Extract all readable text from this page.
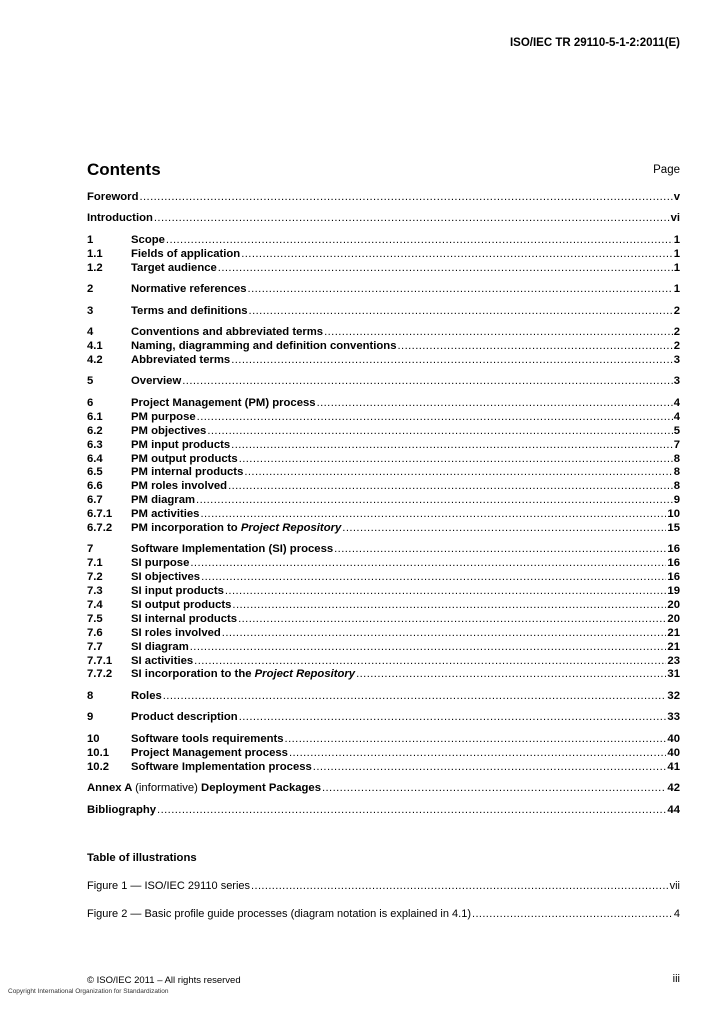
ISO/IEC TR 29110-5-1-2:2011(E)
Contents	Page
Foreword .....	v
Introduction .....	vi
1	Scope .....	1
1.1	Fields of application .....	1
1.2	Target audience .....	1
2	Normative references .....	1
3	Terms and definitions .....	2
4	Conventions and abbreviated terms .....	2
4.1	Naming, diagramming and definition conventions .....	2
4.2	Abbreviated terms .....	3
5	Overview .....	3
6	Project Management (PM) process .....	4
6.1	PM purpose .....	4
6.2	PM objectives .....	5
6.3	PM input products .....	7
6.4	PM output products .....	8
6.5	PM internal products .....	8
6.6	PM roles involved .....	8
6.7	PM diagram .....	9
6.7.1	PM activities .....	10
6.7.2	PM incorporation to Project Repository .....	15
7	Software Implementation (SI) process .....	16
7.1	SI purpose .....	16
7.2	SI objectives .....	16
7.3	SI input products .....	19
7.4	SI output products .....	20
7.5	SI internal products .....	20
7.6	SI roles involved .....	21
7.7	SI diagram .....	21
7.7.1	SI activities .....	23
7.7.2	SI incorporation to the Project Repository .....	31
8	Roles .....	32
9	Product description .....	33
10	Software tools requirements .....	40
10.1	Project Management process .....	40
10.2	Software Implementation process .....	41
Annex A (informative) Deployment Packages .....	42
Bibliography .....	44
Table of illustrations
Figure 1 — ISO/IEC 29110 series .....	vii
Figure 2 — Basic profile guide processes (diagram notation is explained in 4.1) .....	4
© ISO/IEC 2011 – All rights reserved	iii
Copyright International Organization for Standardization
